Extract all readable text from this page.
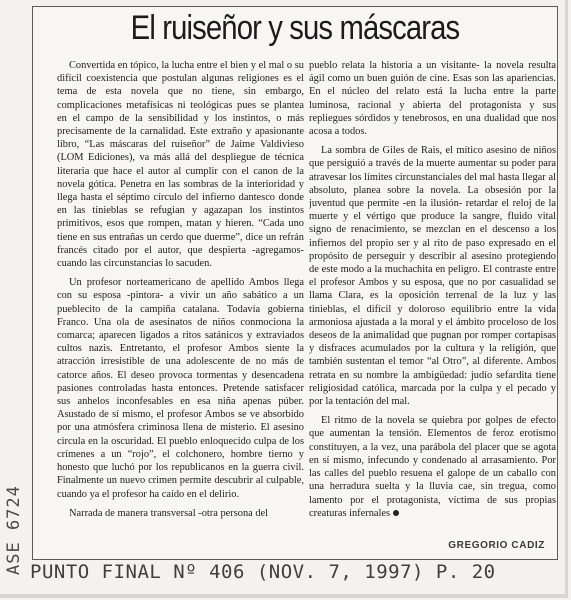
ASE 6724
El ruiseñor y sus máscaras

Convertida en tópico, la lucha entre el bien y el mal o su difícil coexistencia que postulan algunas religiones es el tema de esta novela que no tiene, sin embargo, complicaciones metafísicas ni teológicas pues se plantea en el campo de la sensibilidad y los instintos, o más precisamente de la carnalidad. Este extraño y apasionante libro, “Las máscaras del ruiseñor” de Jaime Valdivieso (LOM Ediciones), va más allá del despliegue de técnica literaria que hace el autor al cumplir con el canon de la novela gótica. Penetra en las sombras de la interioridad y llega hasta el séptimo círculo del infierno dantesco donde en las tinieblas se refugian y agazapan los instintos primitivos, esos que rompen, matan y hieren. “Cada uno tiene en sus entrañas un cerdo que duerme”, dice un refrán francés citado por el autor, que despierta -agregamos- cuando las circunstancias lo sacuden.

Un profesor norteamericano de apellido Ambos llega con su esposa -pintora- a vivir un año sabático a un pueblecito de la campiña catalana. Todavía gobierna Franco. Una ola de asesinatos de niños conmociona la comarca; aparecen ligados a ritos satánicos y extraviados cultos nazis. Entretanto, el profesor Ambos siente la atracción irresistible de una adolescente de no más de catorce años. El deseo provoca tormentas y desencadena pasiones controladas hasta entonces. Pretende satisfacer sus anhelos inconfesables en esa niña apenas púber. Asustado de sí mismo, el profesor Ambos se ve absorbido por una atmósfera criminosa llena de misterio. El asesino circula en la oscuridad. El pueblo enloquecido culpa de los crímenes a un “rojo”, el colchonero, hombre tierno y honesto que luchó por los republicanos en la guerra civil. Finalmente un nuevo crimen permite descubrir al culpable, cuando ya el profesor ha caído en el delirio.

Narrada de manera transversal -otra persona del

pueblo relata la historia a un visitante- la novela resulta ágil como un buen guión de cine. Esas son las apariencias. En el núcleo del relato está la lucha entre la parte luminosa, racional y abierta del protagonista y sus repliegues sórdidos y tenebrosos, en una dualidad que nos acosa a todos.

La sombra de Giles de Rais, el mítico asesino de niños que persiguió a través de la muerte aumentar su poder para atravesar los límites circunstanciales del mal hasta llegar al absoluto, planea sobre la novela. La obsesión por la juventud que permite -en la ilusión- retardar el reloj de la muerte y el vértigo que produce la sangre, fluido vital signo de renacimiento, se mezclan en el descenso a los infiernos del propio ser y al rito de paso expresado en el propósito de perseguir y describir al asesino protegiendo de este modo a la muchachita en peligro. El contraste entre el profesor Ambos y su esposa, que no por casualidad se llama Clara, es la oposición terrenal de la luz y las tinieblas, el difícil y doloroso equilibrio entre la vida armoniosa ajustada a la moral y el ámbito proceloso de los deseos de la animalidad que pugnan por romper cortapisas y disfraces acumulados por la cultura y la religión, que también sustentan el temor “al Otro”, al diferente. Ambos retrata en su nombre la ambigüedad: judío sefardita tiene religiosidad católica, marcada por la culpa y el pecado y por la tentación del mal.

El ritmo de la novela se quiebra por golpes de efecto que aumentan la tensión. Elementos de feroz erotismo constituyen, a la vez, una parábola del placer que se agota en sí mismo, infecundo y condenado al arrasamiento. Por las calles del pueblo resuena el galope de un caballo con una herradura suelta y la lluvia cae, sin tregua, como lamento por el protagonista, víctima de sus propias creaturas infernales

GREGORIO CADIZ
PUNTO FINAL Nº 406 (NOV. 7, 1997) P. 20
